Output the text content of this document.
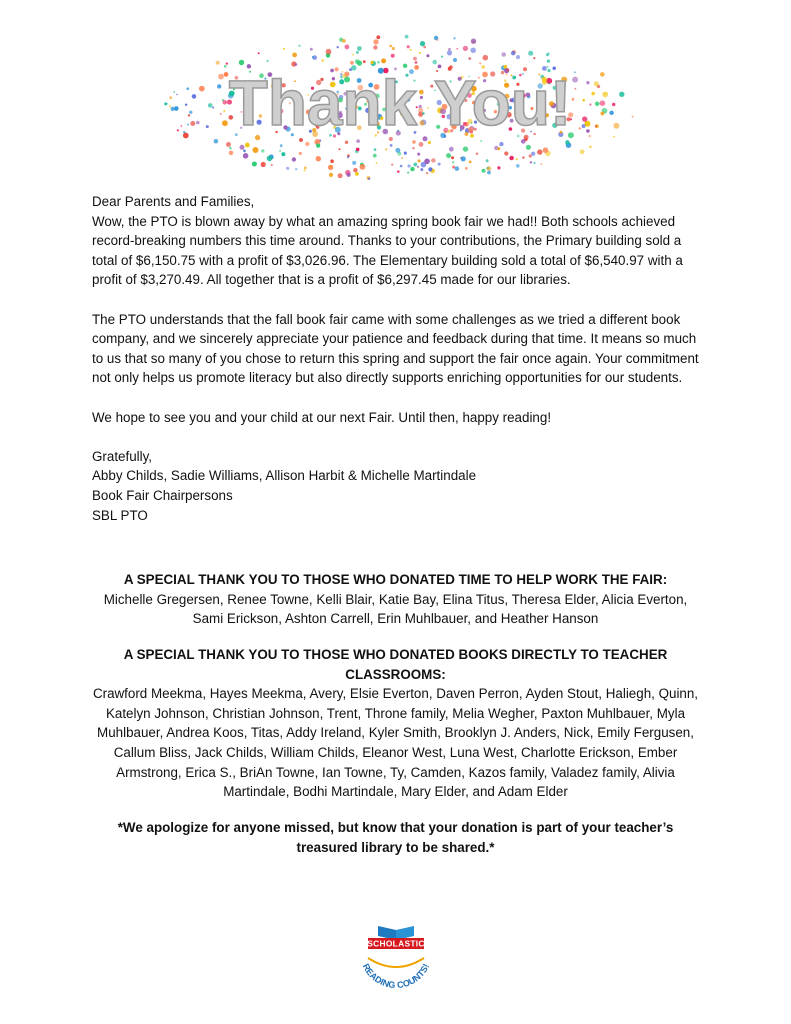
Thank You!

Dear Parents and Families,

Wow, the PTO is blown away by what an amazing spring book fair we had!! Both schools achieved record-breaking numbers this time around. Thanks to your contributions, the Primary building sold a total of $6,150.75 with a profit of $3,026.96. The Elementary building sold a total of $6,540.97 with a profit of $3,270.49. All together that is a profit of $6,297.45 made for our libraries.

The PTO understands that the fall book fair came with some challenges as we tried a different book company, and we sincerely appreciate your patience and feedback during that time. It means so much to us that so many of you chose to return this spring and support the fair once again. Your commitment not only helps us promote literacy but also directly supports enriching opportunities for our students.

We hope to see you and your child at our next Fair. Until then, happy reading!

Gratefully,

Abby Childs, Sadie Williams, Allison Harbit & Michelle Martindale

Book Fair Chairpersons

SBL PTO

A SPECIAL THANK YOU TO THOSE WHO DONATED TIME TO HELP WORK THE FAIR:
Michelle Gregersen, Renee Towne, Kelli Blair, Katie Bay, Elina Titus, Theresa Elder, Alicia Everton, Sami Erickson, Ashton Carrell, Erin Muhlbauer, and Heather Hanson
A SPECIAL THANK YOU TO THOSE WHO DONATED BOOKS DIRECTLY TO TEACHER CLASSROOMS:
Crawford Meekma, Hayes Meekma, Avery, Elsie Everton, Daven Perron, Ayden Stout, Haliegh, Quinn, Katelyn Johnson, Christian Johnson, Trent, Throne family, Melia Wegher, Paxton Muhlbauer, Myla Muhlbauer, Andrea Koos, Titas, Addy Ireland, Kyler Smith, Brooklyn J. Anders, Nick, Emily Fergusen, Callum Bliss, Jack Childs, William Childs, Eleanor West, Luna West, Charlotte Erickson, Ember Armstrong, Erica S., BriAn Towne, Ian Towne, Ty, Camden, Kazos family, Valadez family, Alivia Martindale, Bodhi Martindale, Mary Elder, and Adam Elder
*We apologize for anyone missed, but know that your donation is part of your teacher’s treasured library to be shared.*
SCHOLASTIC
READING COUNTS!
